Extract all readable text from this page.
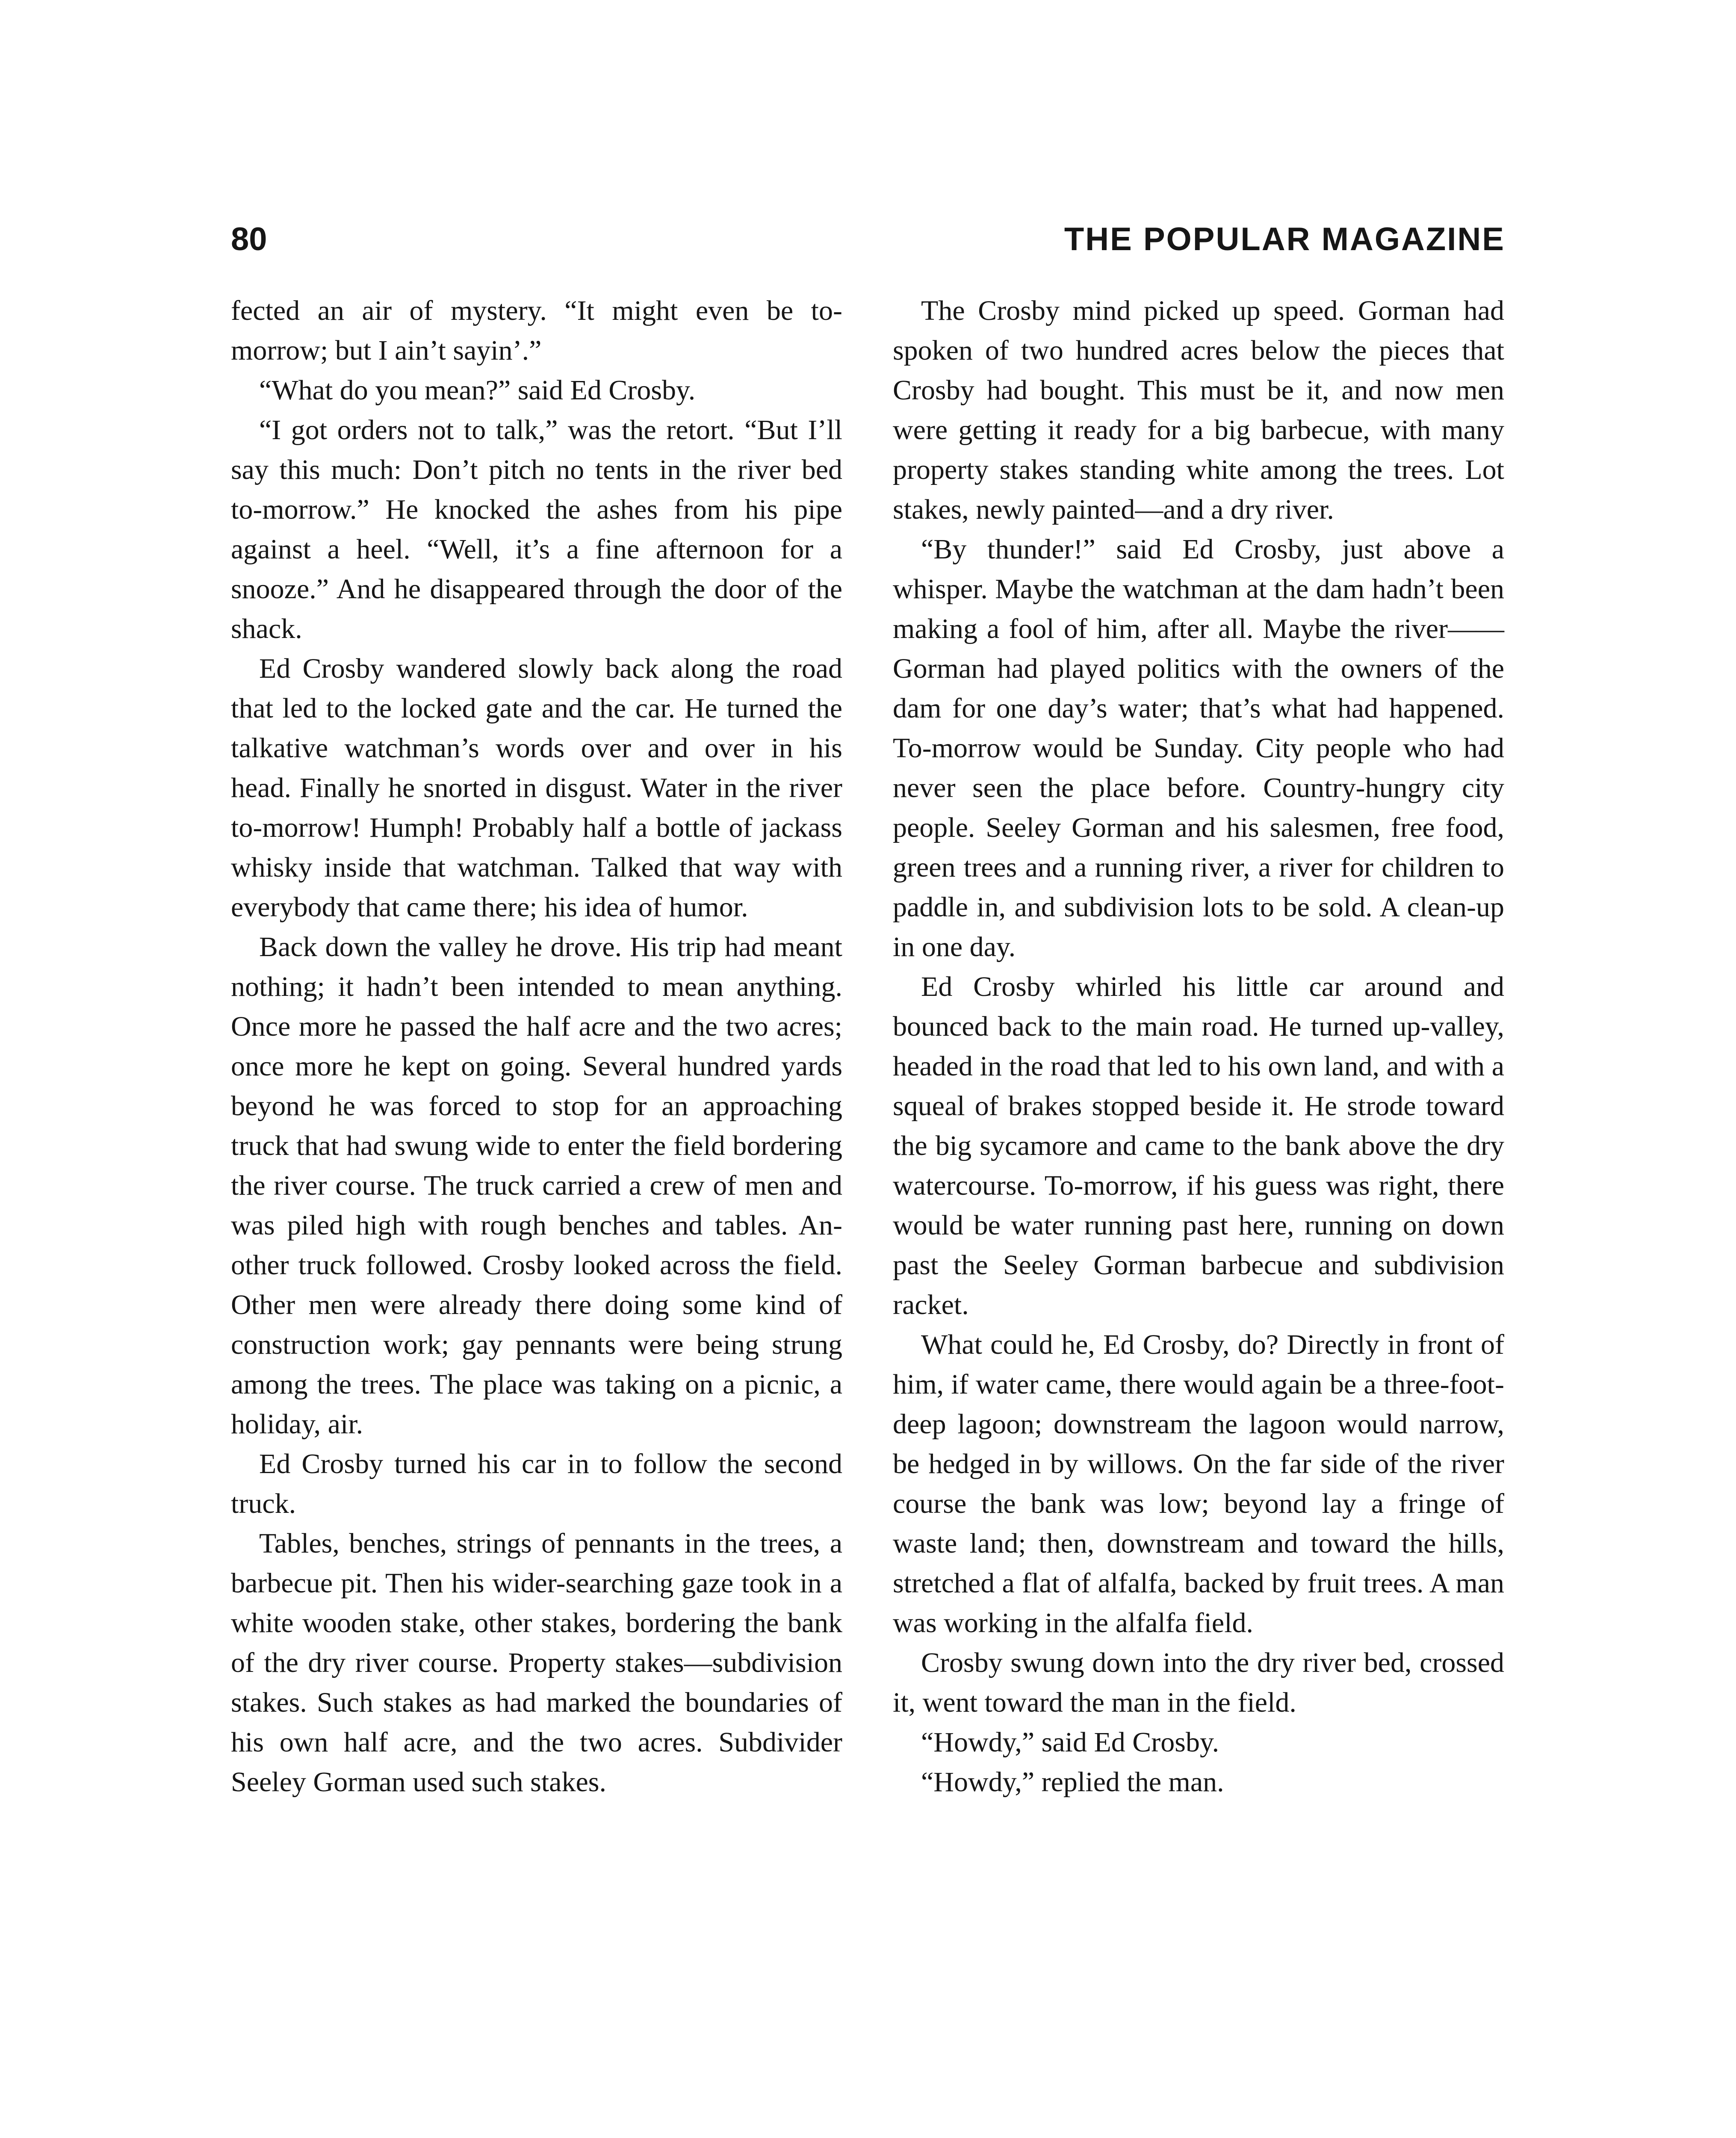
80	THE POPULAR MAGAZINE

fected an air of mystery. “It might even be to-morrow; but I ain’t sayin’.”

“What do you mean?” said Ed Crosby.

“I got orders not to talk,” was the retort. “But I’ll say this much: Don’t pitch no tents in the river bed to-morrow.” He knocked the ashes from his pipe against a heel. “Well, it’s a fine afternoon for a snooze.” And he disappeared through the door of the shack.

Ed Crosby wandered slowly back along the road that led to the locked gate and the car. He turned the talkative watchman’s words over and over in his head. Finally he snorted in disgust. Water in the river to-morrow! Humph! Probably half a bottle of jackass whisky inside that watchman. Talked that way with everybody that came there; his idea of humor.

Back down the valley he drove. His trip had meant nothing; it hadn’t been intended to mean anything. Once more he passed the half acre and the two acres; once more he kept on going. Several hundred yards beyond he was forced to stop for an approaching truck that had swung wide to enter the field bordering the river course. The truck carried a crew of men and was piled high with rough benches and tables. Another truck followed. Crosby looked across the field. Other men were already there doing some kind of construction work; gay pennants were being strung among the trees. The place was taking on a picnic, a holiday, air.

Ed Crosby turned his car in to follow the second truck.

Tables, benches, strings of pennants in the trees, a barbecue pit. Then his wider-searching gaze took in a white wooden stake, other stakes, bordering the bank of the dry river course. Property stakes—subdivision stakes. Such stakes as had marked the boundaries of his own half acre, and the two acres. Subdivider Seeley Gorman used such stakes.

The Crosby mind picked up speed. Gorman had spoken of two hundred acres below the pieces that Crosby had bought. This must be it, and now men were getting it ready for a big barbecue, with many property stakes standing white among the trees. Lot stakes, newly painted—and a dry river.

“By thunder!” said Ed Crosby, just above a whisper. Maybe the watchman at the dam hadn’t been making a fool of him, after all. Maybe the river—— Gorman had played politics with the owners of the dam for one day’s water; that’s what had happened. To-morrow would be Sunday. City people who had never seen the place before. Country-hungry city people. Seeley Gorman and his salesmen, free food, green trees and a running river, a river for children to paddle in, and subdivision lots to be sold. A clean-up in one day.

Ed Crosby whirled his little car around and bounced back to the main road. He turned up-valley, headed in the road that led to his own land, and with a squeal of brakes stopped beside it. He strode toward the big sycamore and came to the bank above the dry watercourse. To-morrow, if his guess was right, there would be water running past here, running on down past the Seeley Gorman barbecue and subdivision racket.

What could he, Ed Crosby, do? Directly in front of him, if water came, there would again be a three-foot-deep lagoon; downstream the lagoon would narrow, be hedged in by willows. On the far side of the river course the bank was low; beyond lay a fringe of waste land; then, downstream and toward the hills, stretched a flat of alfalfa, backed by fruit trees. A man was working in the alfalfa field.

Crosby swung down into the dry river bed, crossed it, went toward the man in the field.

“Howdy,” said Ed Crosby.

“Howdy,” replied the man.
